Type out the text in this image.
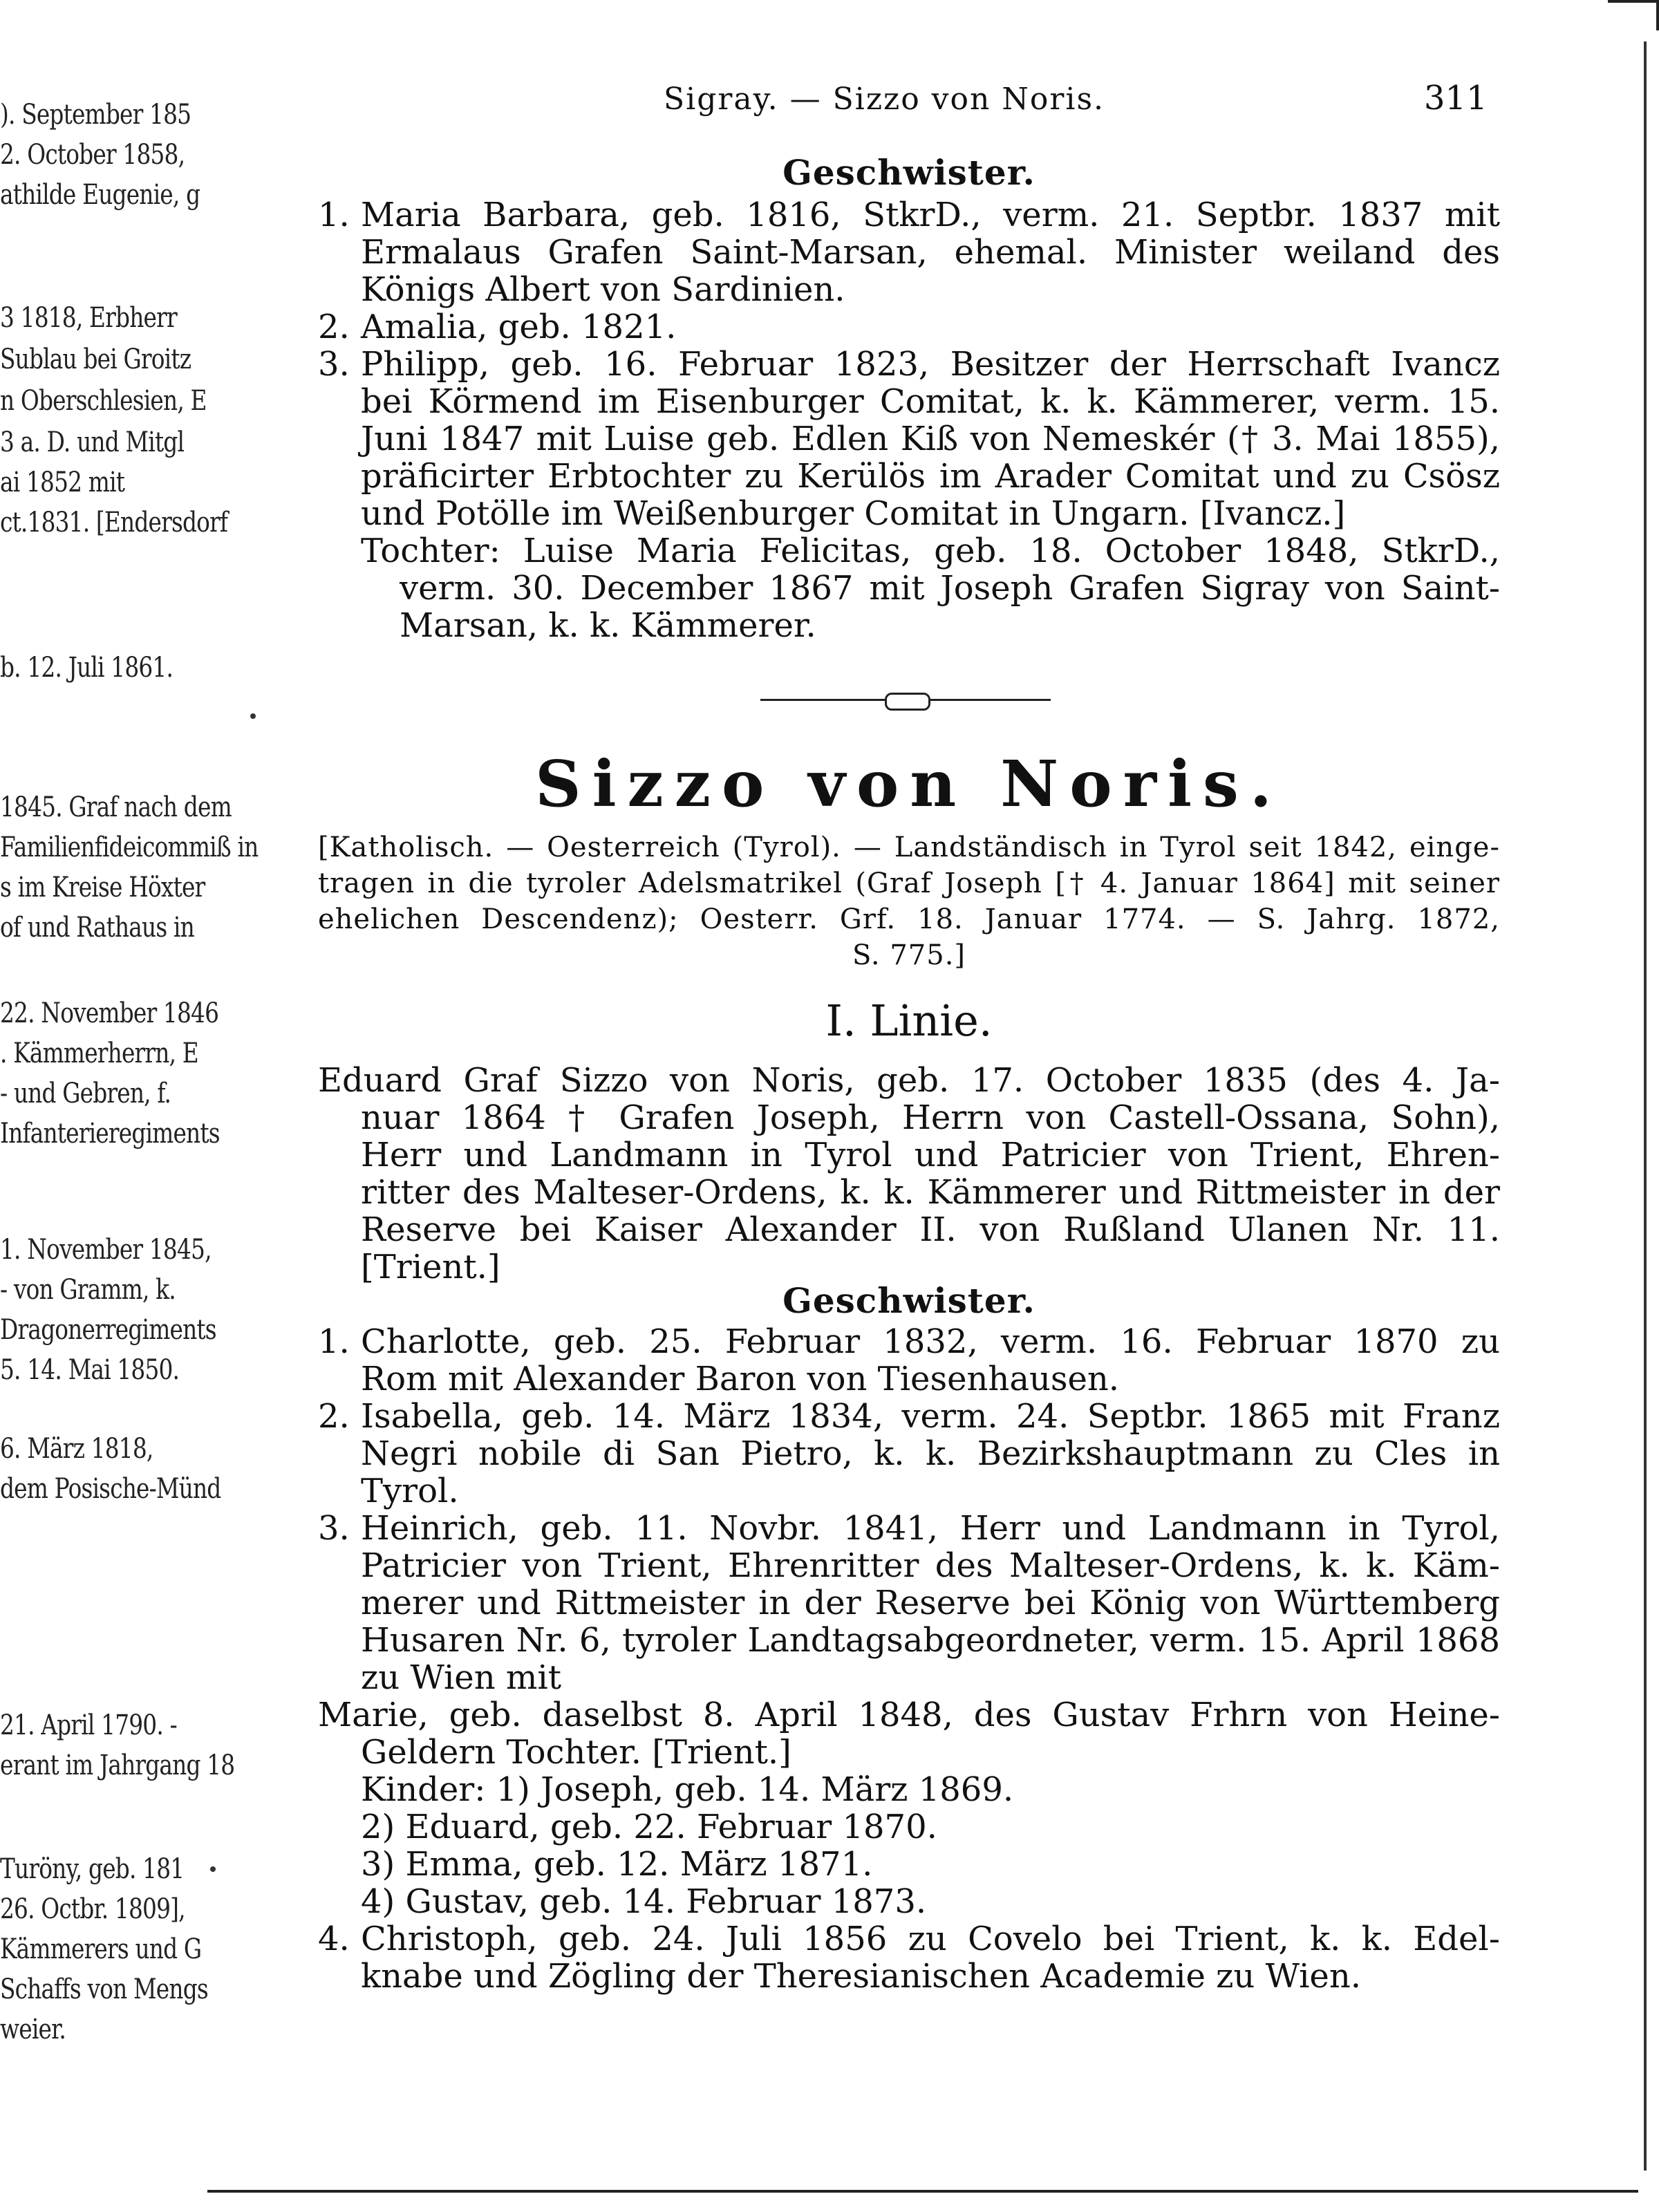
). September 185
2. October 1858,
athilde Eugenie, g
3 1818, Erbherr
Sublau bei Groitz
n Oberschlesien, E
3 a. D. und Mitgl
ai 1852 mit
ct.1831. [Endersdorf
b. 12. Juli 1861.
1845. Graf nach dem
Familienfideicommiß in
s im Kreise Höxter
of und Rathaus in
22. November 1846
. Kämmerherrn, E
- und Gebren, f.
Infanterieregiments
1. November 1845,
- von Gramm, k.
Dragonerregiments
5. 14. Mai 1850.
6. März 1818,
dem Posische-Münd
21. April 1790. -
erant im Jahrgang 18
Turöny, geb. 181
26. Octbr. 1809],
Kämmerers und G
Schaffs von Mengs
weier.
Sigray. — Sizzo von Noris.	311
Geschwister.
1. Maria Barbara, geb. 1816, StkrD., verm. 21. Septbr. 1837 mit
Ermalaus Grafen Saint-Marsan, ehemal. Minister weiland des
Königs Albert von Sardinien.
2. Amalia, geb. 1821.
3. Philipp, geb. 16. Februar 1823, Besitzer der Herrschaft Ivancz
bei Körmend im Eisenburger Comitat, k. k. Kämmerer, verm. 15.
Juni 1847 mit Luise geb. Edlen Kiß von Nemeskér († 3. Mai 1855),
präficirter Erbtochter zu Kerülös im Arader Comitat und zu Csösz
und Potölle im Weißenburger Comitat in Ungarn. [Ivancz.]
Tochter: Luise Maria Felicitas, geb. 18. October 1848, StkrD.,
verm. 30. December 1867 mit Joseph Grafen Sigray von Saint-
Marsan, k. k. Kämmerer.
Sizzo von Noris.
[Katholisch. — Oesterreich (Tyrol). — Landständisch in Tyrol seit 1842, einge-
tragen in die tyroler Adelsmatrikel (Graf Joseph [† 4. Januar 1864] mit seiner
ehelichen Descendenz); Oesterr. Grf. 18. Januar 1774. — S. Jahrg. 1872,
S. 775.]
I. Linie.
Eduard Graf Sizzo von Noris, geb. 17. October 1835 (des 4. Ja-
nuar 1864 † Grafen Joseph, Herrn von Castell-Ossana, Sohn),
Herr und Landmann in Tyrol und Patricier von Trient, Ehren-
ritter des Malteser-Ordens, k. k. Kämmerer und Rittmeister in der
Reserve bei Kaiser Alexander II. von Rußland Ulanen Nr. 11.
[Trient.]
Geschwister.
1. Charlotte, geb. 25. Februar 1832, verm. 16. Februar 1870 zu
Rom mit Alexander Baron von Tiesenhausen.
2. Isabella, geb. 14. März 1834, verm. 24. Septbr. 1865 mit Franz
Negri nobile di San Pietro, k. k. Bezirkshauptmann zu Cles in
Tyrol.
3. Heinrich, geb. 11. Novbr. 1841, Herr und Landmann in Tyrol,
Patricier von Trient, Ehrenritter des Malteser-Ordens, k. k. Käm-
merer und Rittmeister in der Reserve bei König von Württemberg
Husaren Nr. 6, tyroler Landtagsabgeordneter, verm. 15. April 1868
zu Wien mit
Marie, geb. daselbst 8. April 1848, des Gustav Frhrn von Heine-
Geldern Tochter. [Trient.]
Kinder: 1) Joseph, geb. 14. März 1869.
2) Eduard, geb. 22. Februar 1870.
3) Emma, geb. 12. März 1871.
4) Gustav, geb. 14. Februar 1873.
4. Christoph, geb. 24. Juli 1856 zu Covelo bei Trient, k. k. Edel-
knabe und Zögling der Theresianischen Academie zu Wien.
